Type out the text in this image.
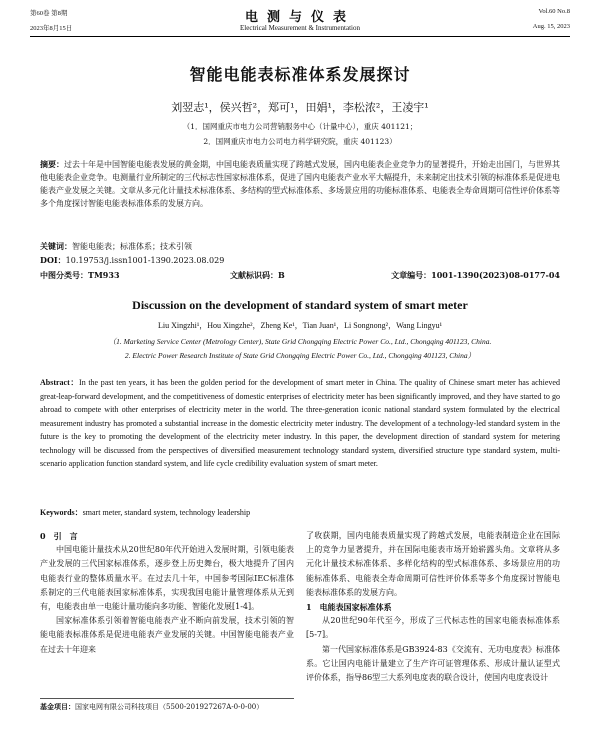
第60卷 第8期
2023年8月15日
电测与仪表
Electrical Measurement & Instrumentation
Vol.60 No.8
Aug. 15, 2023
智能电能表标准体系发展探讨
刘翌志¹，侯兴哲²，郑可¹，田娟¹，李松浓²，王凌宇¹
（1．国网重庆市电力公司营销服务中心（计量中心），重庆 401121；
2．国网重庆市电力公司电力科学研究院，重庆 401123）
摘要：过去十年是中国智能电能表发展的黄金期，中国电能表质量实现了跨越式发展，国内电能表企业竞争力的显著提升，开始走出国门，与世界其他电能表企业竞争。电测量行业所制定的三代标志性国家标准体系，促进了国内电能表产业水平大幅提升，未来制定出技术引领的标准体系是促进电能表产业发展之关键。文章从多元化计量技术标准体系、多结构的型式标准体系、多场景应用的功能标准体系、电能表全寿命周期可信性评价体系等多个角度探讨智能电能表标准体系的发展方向。
关键词：智能电能表；标准体系；技术引领
DOI：10.19753/j.issn1001-1390.2023.08.029
中图分类号：TM933	文献标识码：B	文章编号：1001-1390(2023)08-0177-04
Discussion on the development of standard system of smart meter
Liu Xingzhi¹，Hou Xingzhe²，Zheng Ke¹，Tian Juan¹，Li Songnong²，Wang Lingyu¹
（1. Marketing Service Center (Metrology Center), State Grid Chongqing Electric Power Co., Ltd., Chongqing 401123, China.
2. Electric Power Research Institute of State Grid Chongqing Electric Power Co., Ltd., Chongqing 401123, China）
Abstract：In the past ten years, it has been the golden period for the development of smart meter in China. The quality of Chinese smart meter has achieved great-leap-forward development, and the competitiveness of domestic enterprises of electricity meter has been significantly improved, and they have started to go abroad to compete with other enterprises of electricity meter in the world. The three-generation iconic national standard system formulated by the electrical measurement industry has promoted a substantial increase in the domestic electricity meter industry. The development of a technology-led standard system in the future is the key to promoting the development of the electricity meter industry. In this paper, the development direction of standard system for metering technology will be discussed from the perspectives of diversified measurement technology standard system, diversified structure type standard system, multi-scenario application function standard system, and life cycle credibility evaluation system of smart meter.
Keywords：smart meter, standard system, technology leadership
0　引　言

中国电能计量技术从20世纪80年代开始进入发展时期，引领电能表产业发展的三代国家标准体系，逐步登上历史舞台，极大地提升了国内电能表行业的整体质量水平。在过去几十年，中国参考国际IEC标准体系制定的三代电能表国家标准体系，实现我国电能计量管理体系从无到有，电能表由单一电能计量功能向多功能、智能化发展[1-4]。

国家标准体系引领着智能电能表产业不断向前发展，技术引领的智能电能表标准体系是促进电能表产业发展的关键。中国智能电能表产业在过去十年迎来

了收获期，国内电能表质量实现了跨越式发展，电能表制造企业在国际上的竞争力显著提升，并在国际电能表市场开始崭露头角。文章将从多元化计量技术标准体系、多样化结构的型式标准体系、多场景应用的功能标准体系、电能表全寿命周期可信性评价体系等多个角度探讨智能电能表标准体系的发展方向。

1　电能表国家标准体系

从20世纪90年代至今，形成了三代标志性的国家电能表标准体系[5-7]。

第一代国家标准体系是GB3924-83《交流有、无功电度表》标准体系。它让国内电能计量建立了生产许可证管理体系、形成计量认证型式评价体系，指导86型三大系列电度表的联合设计，使国内电度表设计

基金项目：国家电网有限公司科技项目（5500-201927267A-0-0-00）
